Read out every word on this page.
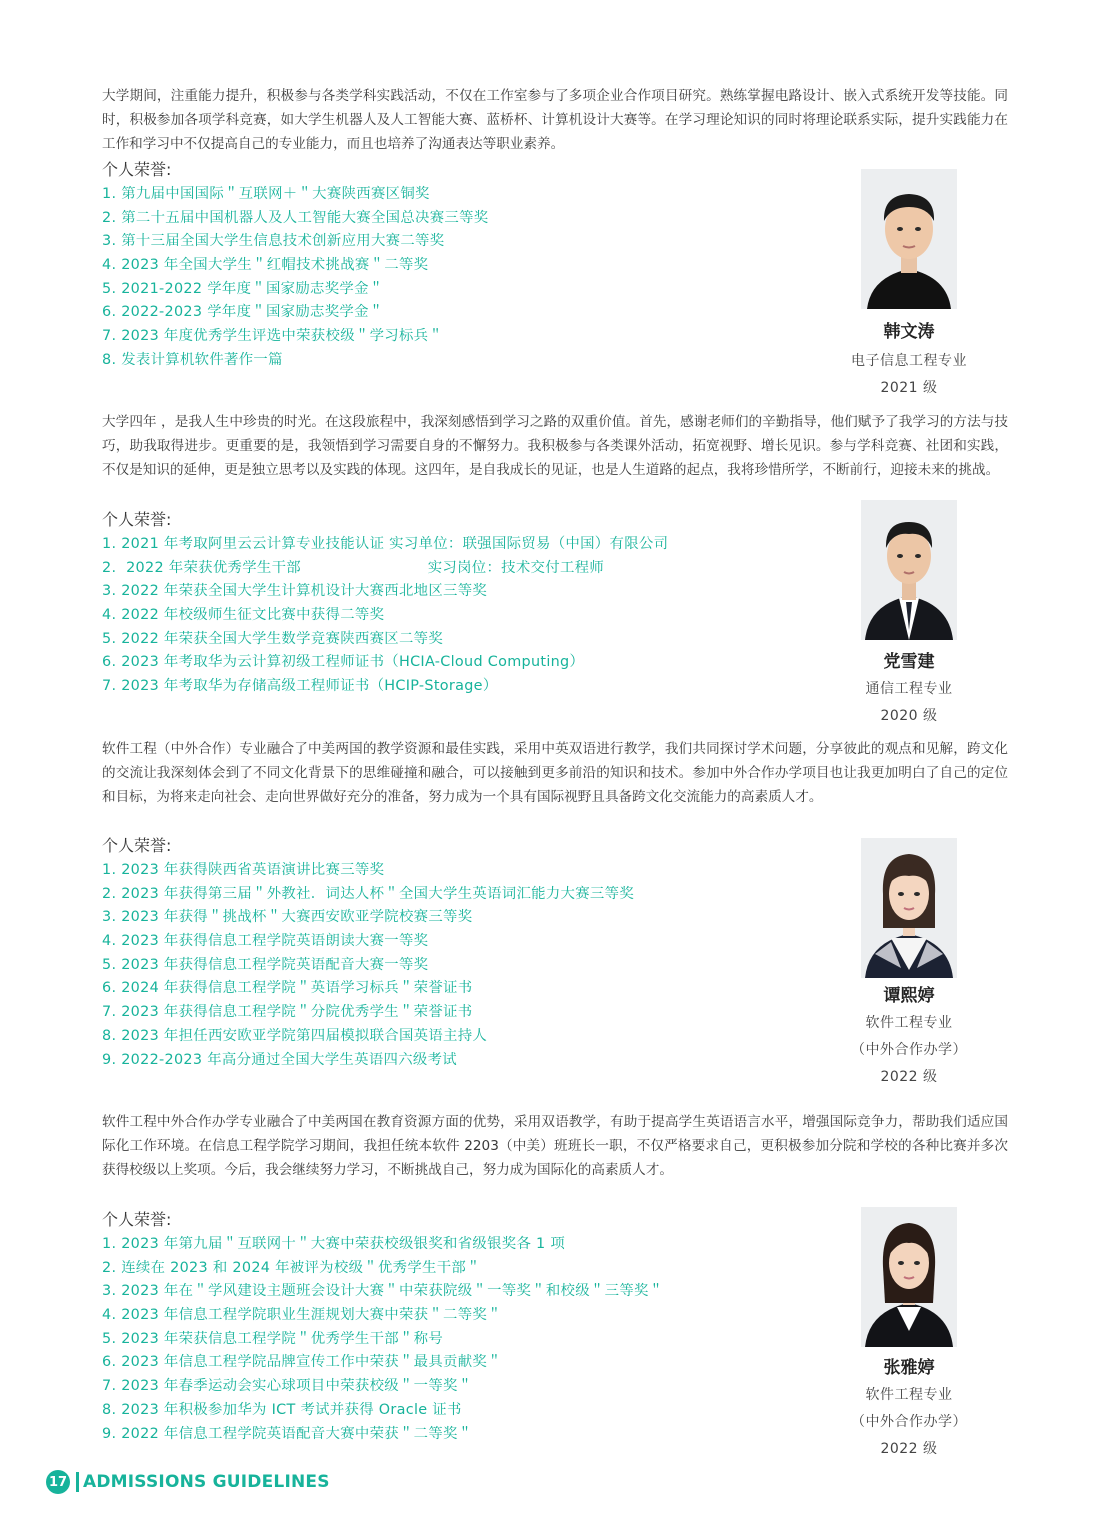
大学期间，注重能力提升，积极参与各类学科实践活动，不仅在工作室参与了多项企业合作项目研究。熟练掌握电路设计、嵌入式系统开发等技能。同时，积极参加各项学科竞赛，如大学生机器人及人工智能大赛、蓝桥杯、计算机设计大赛等。在学习理论知识的同时将理论联系实际，提升实践能力在工作和学习中不仅提高自己的专业能力，而且也培养了沟通表达等职业素养。

个人荣誉:
1. 第九届中国国际＂互联网＋＂大赛陕西赛区铜奖
2. 第二十五届中国机器人及人工智能大赛全国总决赛三等奖
3. 第十三届全国大学生信息技术创新应用大赛二等奖
4. 2023 年全国大学生＂红帽技术挑战赛＂二等奖
5. 2021-2022 学年度＂国家励志奖学金＂
6. 2022-2023 学年度＂国家励志奖学金＂
7. 2023 年度优秀学生评选中荣获校级＂学习标兵＂
8. 发表计算机软件著作一篇
韩文涛
电子信息工程专业
2021 级

大学四年 ，是我人生中珍贵的时光。在这段旅程中，我深刻感悟到学习之路的双重价值。首先，感谢老师们的辛勤指导，他们赋予了我学习的方法与技巧，助我取得进步。更重要的是，我领悟到学习需要自身的不懈努力。我积极参与各类课外活动，拓宽视野、增长见识。参与学科竞赛、社团和实践，不仅是知识的延伸，更是独立思考以及实践的体现。这四年，是自我成长的见证，也是人生道路的起点，我将珍惜所学，不断前行，迎接未来的挑战。

个人荣誉:
1. 2021 年考取阿里云云计算专业技能认证 实习单位：联强国际贸易（中国）有限公司
2.  2022 年荣获优秀学生干部                          实习岗位：技术交付工程师
3. 2022 年荣获全国大学生计算机设计大赛西北地区三等奖
4. 2022 年校级师生征文比赛中获得二等奖
5. 2022 年荣获全国大学生数学竞赛陕西赛区二等奖
6. 2023 年考取华为云计算初级工程师证书（HCIA-Cloud Computing）
7. 2023 年考取华为存储高级工程师证书（HCIP-Storage）
党雪建
通信工程专业
2020 级

软件工程（中外合作）专业融合了中美两国的教学资源和最佳实践，采用中英双语进行教学，我们共同探讨学术问题，分享彼此的观点和见解，跨文化的交流让我深刻体会到了不同文化背景下的思维碰撞和融合，可以接触到更多前沿的知识和技术。参加中外合作办学项目也让我更加明白了自己的定位和目标，为将来走向社会、走向世界做好充分的准备，努力成为一个具有国际视野且具备跨文化交流能力的高素质人才。

个人荣誉:
1. 2023 年获得陕西省英语演讲比赛三等奖
2. 2023 年获得第三届＂外教社．词达人杯＂全国大学生英语词汇能力大赛三等奖
3. 2023 年获得＂挑战杯＂大赛西安欧亚学院校赛三等奖
4. 2023 年获得信息工程学院英语朗读大赛一等奖
5. 2023 年获得信息工程学院英语配音大赛一等奖
6. 2024 年获得信息工程学院＂英语学习标兵＂荣誉证书
7. 2023 年获得信息工程学院＂分院优秀学生＂荣誉证书
8. 2023 年担任西安欧亚学院第四届模拟联合国英语主持人
9. 2022-2023 年高分通过全国大学生英语四六级考试
谭熙婷
软件工程专业
（中外合作办学）
2022 级

软件工程中外合作办学专业融合了中美两国在教育资源方面的优势，采用双语教学，有助于提高学生英语语言水平，增强国际竞争力，帮助我们适应国际化工作环境。在信息工程学院学习期间，我担任统本软件 2203（中美）班班长一职，不仅严格要求自己，更积极参加分院和学校的各种比赛并多次获得校级以上奖项。今后，我会继续努力学习，不断挑战自己，努力成为国际化的高素质人才。

个人荣誉:
1. 2023 年第九届＂互联网十＂大赛中荣获校级银奖和省级银奖各 1 项
2. 连续在 2023 和 2024 年被评为校级＂优秀学生干部＂
3. 2023 年在＂学风建设主题班会设计大赛＂中荣获院级＂一等奖＂和校级＂三等奖＂
4. 2023 年信息工程学院职业生涯规划大赛中荣获＂二等奖＂
5. 2023 年荣获信息工程学院＂优秀学生干部＂称号
6. 2023 年信息工程学院品牌宣传工作中荣获＂最具贡献奖＂
7. 2023 年春季运动会实心球项目中荣获校级＂一等奖＂
8. 2023 年积极参加华为 ICT 考试并获得 Oracle 证书
9. 2022 年信息工程学院英语配音大赛中荣获＂二等奖＂
张雅婷
软件工程专业
（中外合作办学）
2022 级
17 ADMISSIONS GUIDELINES
